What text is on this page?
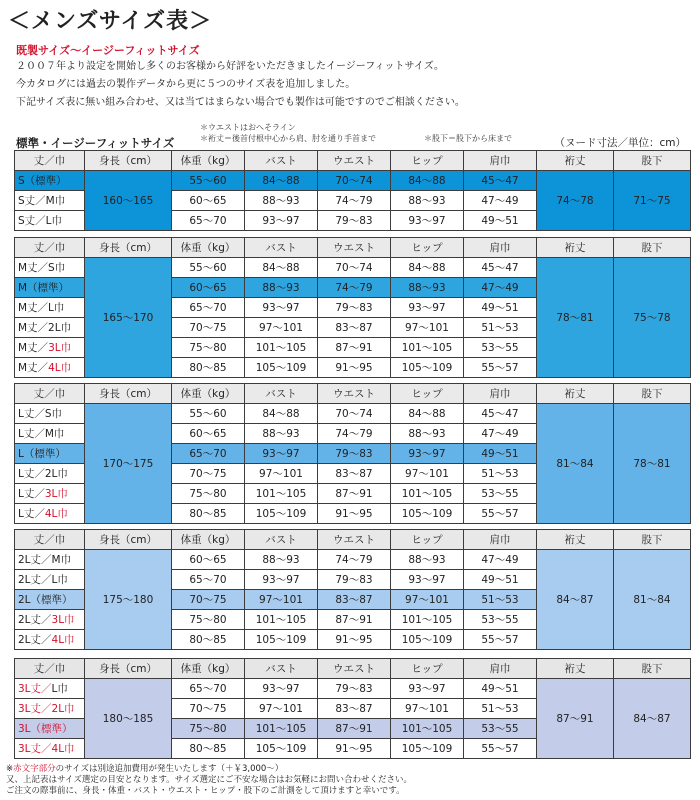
＜メンズサイズ表＞
既製サイズ〜イージーフィットサイズ
２００７年より設定を開始し多くのお客様から好評をいただきましたイージーフィットサイズ。
今カタログには過去の製作データから更に５つのサイズ表を追加しました。
下記サイズ表に無い組み合わせ、又は当てはまらない場合でも製作は可能ですのでご相談ください。
＊ウエストはおへそライン
＊裄丈＝後首付根中心から肩、肘を通り手首まで	＊股下＝股下から床まで
標準・イージーフィットサイズ	（ヌード寸法／単位：cm）
丈／巾	身長（cm）	体重（kg）	バスト	ウエスト	ヒップ	肩巾	裄丈	股下
S（標準）	160～165	55～60	84～88	70～74	84～88	45～47	74～78	71～75
S丈／M巾		60～65	88～93	74～79	88～93	47～49		
S丈／L巾		65～70	93～97	79～83	93～97	49～51		
丈／巾	身長（cm）	体重（kg）	バスト	ウエスト	ヒップ	肩巾	裄丈	股下
M丈／S巾	165～170	55～60	84～88	70～74	84～88	45～47	78～81	75～78
M（標準）		60～65	88～93	74～79	88～93	47～49		
M丈／L巾		65～70	93～97	79～83	93～97	49～51		
M丈／2L巾		70～75	97～101	83～87	97～101	51～53		
M丈／3L巾		75～80	101～105	87～91	101～105	53～55		
M丈／4L巾		80～85	105～109	91～95	105～109	55～57		
丈／巾	身長（cm）	体重（kg）	バスト	ウエスト	ヒップ	肩巾	裄丈	股下
L丈／S巾	170～175	55～60	84～88	70～74	84～88	45～47	81～84	78～81
L丈／M巾		60～65	88～93	74～79	88～93	47～49		
L（標準）		65～70	93～97	79～83	93～97	49～51		
L丈／2L巾		70～75	97～101	83～87	97～101	51～53		
L丈／3L巾		75～80	101～105	87～91	101～105	53～55		
L丈／4L巾		80～85	105～109	91～95	105～109	55～57		
丈／巾	身長（cm）	体重（kg）	バスト	ウエスト	ヒップ	肩巾	裄丈	股下
2L丈／M巾	175～180	60～65	88～93	74～79	88～93	47～49	84～87	81～84
2L丈／L巾		65～70	93～97	79～83	93～97	49～51		
2L（標準）		70～75	97～101	83～87	97～101	51～53		
2L丈／3L巾		75～80	101～105	87～91	101～105	53～55		
2L丈／4L巾		80～85	105～109	91～95	105～109	55～57		
丈／巾	身長（cm）	体重（kg）	バスト	ウエスト	ヒップ	肩巾	裄丈	股下
3L丈／L巾	180～185	65～70	93～97	79～83	93～97	49～51	87～91	84～87
3L丈／2L巾		70～75	97～101	83～87	97～101	51～53		
3L（標準）		75～80	101～105	87～91	101～105	53～55		
3L丈／4L巾		80～85	105～109	91～95	105～109	55～57		
※赤文字部分のサイズは別途追加費用が発生いたします（＋￥3,000～）
又、上記表はサイズ選定の目安となります。サイズ選定にご不安な場合はお気軽にお問い合わせください。
ご注文の際事前に、身長・体重・バスト・ウエスト・ヒップ・股下のご計測をして頂けますと幸いです。
